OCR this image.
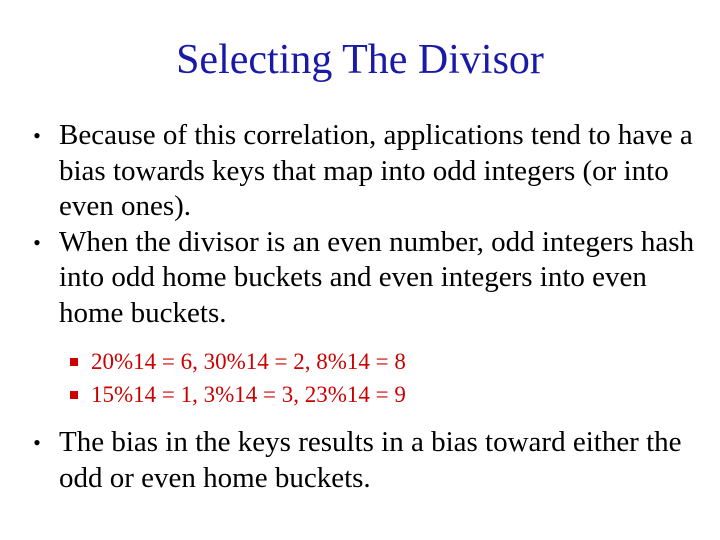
Selecting The Divisor
• Because of this correlation, applications tend to have a bias towards keys that map into odd integers (or into even ones).
• When the divisor is an even number, odd integers hash into odd home buckets and even integers into even home buckets.
20%14 = 6, 30%14 = 2, 8%14 = 8
15%14 = 1, 3%14 = 3, 23%14 = 9
• The bias in the keys results in a bias toward either the odd or even home buckets.
